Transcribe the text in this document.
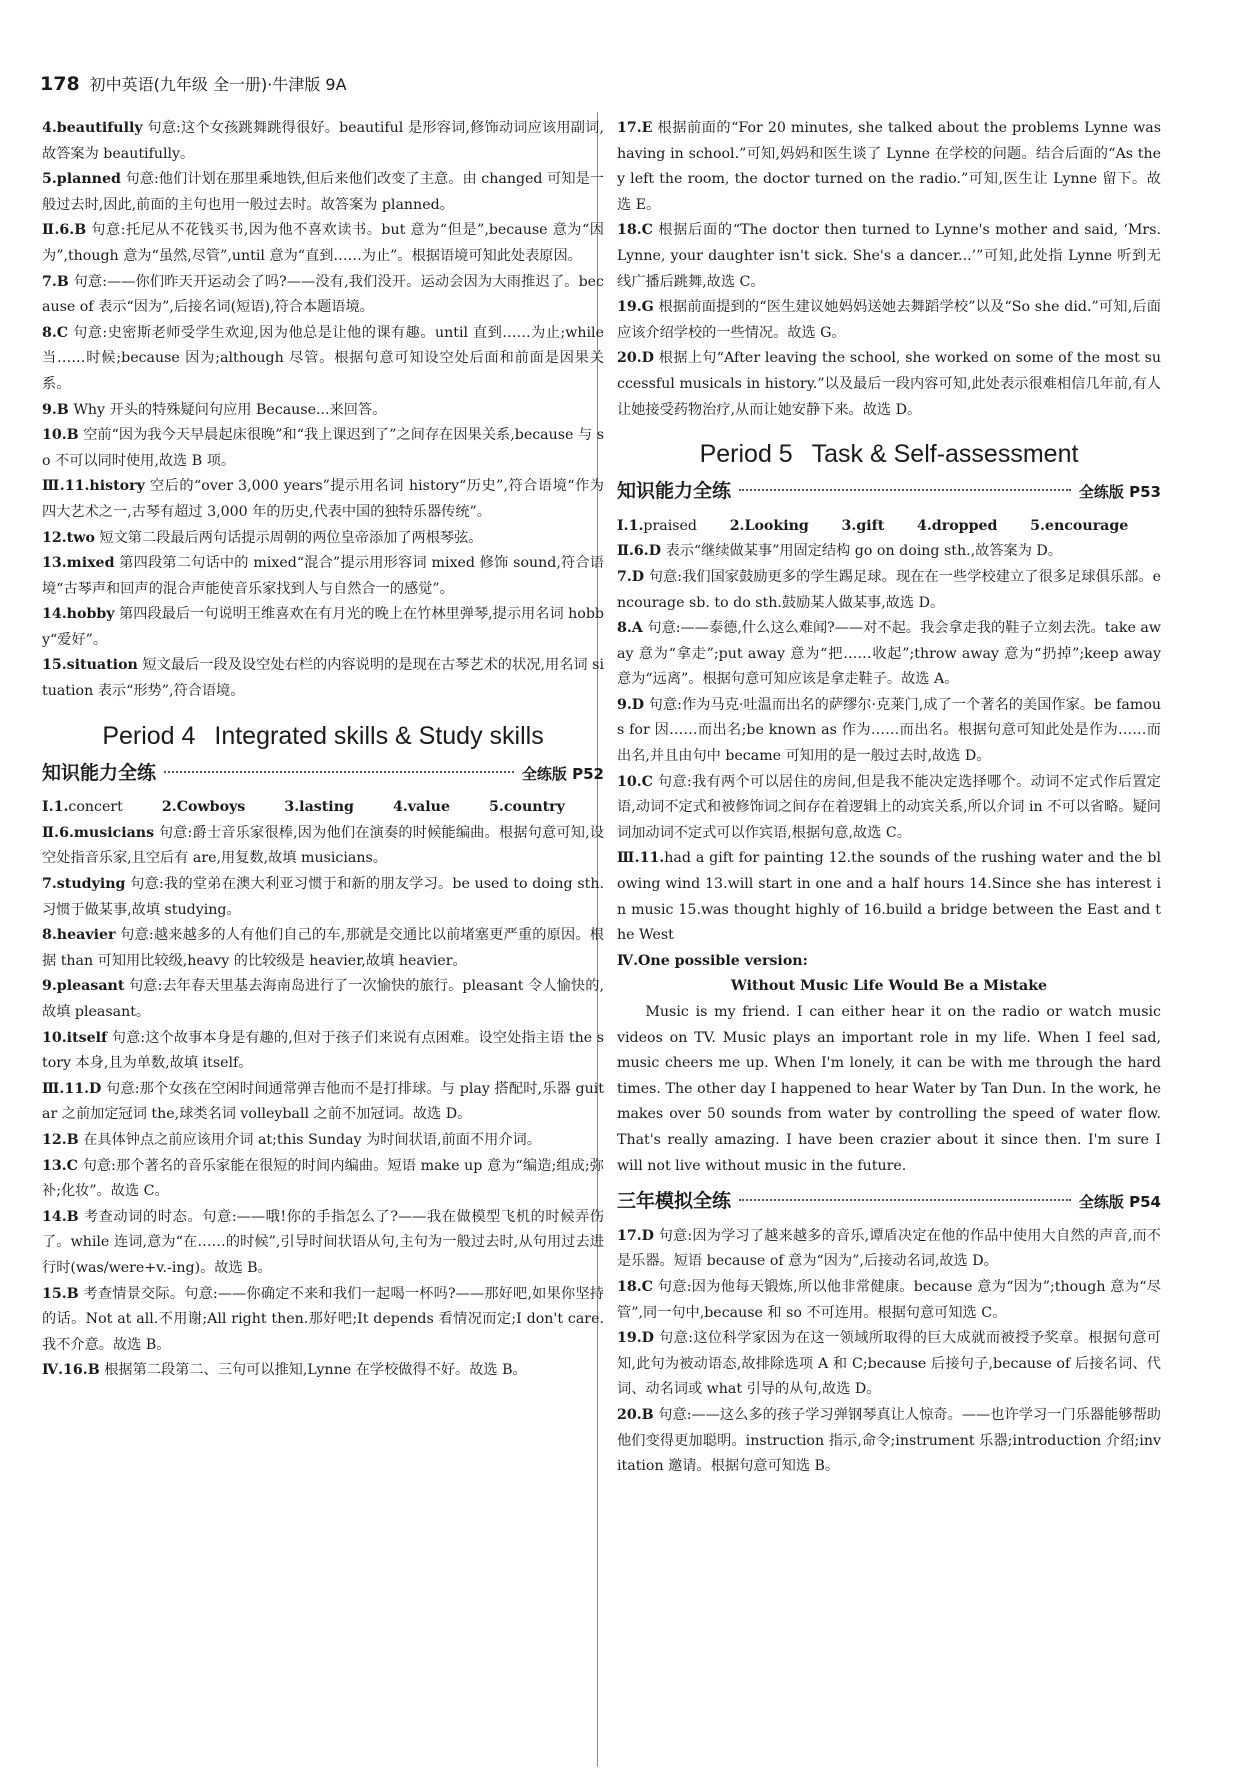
178 初中英语(九年级 全一册)·牛津版 9A
4.beautifully 句意:这个女孩跳舞跳得很好。beautiful 是形容词,修饰动词应该用副词,故答案为 beautifully。
5.planned 句意:他们计划在那里乘地铁,但后来他们改变了主意。由 changed 可知是一般过去时,因此,前面的主句也用一般过去时。故答案为 planned。
Ⅱ.6.B 句意:托尼从不花钱买书,因为他不喜欢读书。but 意为“但是”,because 意为“因为”,though 意为“虽然,尽管”,until 意为“直到……为止”。根据语境可知此处表原因。
7.B 句意:——你们昨天开运动会了吗?——没有,我们没开。运动会因为大雨推迟了。because of 表示“因为”,后接名词(短语),符合本题语境。
8.C 句意:史密斯老师受学生欢迎,因为他总是让他的课有趣。until 直到……为止;while 当……时候;because 因为;although 尽管。根据句意可知设空处后面和前面是因果关系。
9.B Why 开头的特殊疑问句应用 Because...来回答。
10.B 空前“因为我今天早晨起床很晚”和“我上课迟到了”之间存在因果关系,because 与 so 不可以同时使用,故选 B 项。
Ⅲ.11.history 空后的“over 3,000 years”提示用名词 history“历史”,符合语境“作为四大艺术之一,古琴有超过 3,000 年的历史,代表中国的独特乐器传统”。
12.two 短文第二段最后两句话提示周朝的两位皇帝添加了两根琴弦。
13.mixed 第四段第二句话中的 mixed“混合”提示用形容词 mixed 修饰 sound,符合语境“古琴声和回声的混合声能使音乐家找到人与自然合一的感觉”。
14.hobby 第四段最后一句说明王维喜欢在有月光的晚上在竹林里弹琴,提示用名词 hobby“爱好”。
15.situation 短文最后一段及设空处右栏的内容说明的是现在古琴艺术的状况,用名词 situation 表示“形势”,符合语境。
Period 4 Integrated skills & Study skills
知识能力全练	全练版 P52
Ⅰ.1.concert	2.Cowboys	3.lasting	4.value	5.country
Ⅱ.6.musicians 句意:爵士音乐家很棒,因为他们在演奏的时候能编曲。根据句意可知,设空处指音乐家,且空后有 are,用复数,故填 musicians。
7.studying 句意:我的堂弟在澳大利亚习惯于和新的朋友学习。be used to doing sth.习惯于做某事,故填 studying。
8.heavier 句意:越来越多的人有他们自己的车,那就是交通比以前堵塞更严重的原因。根据 than 可知用比较级,heavy 的比较级是 heavier,故填 heavier。
9.pleasant 句意:去年春天里基去海南岛进行了一次愉快的旅行。pleasant 令人愉快的,故填 pleasant。
10.itself 句意:这个故事本身是有趣的,但对于孩子们来说有点困难。设空处指主语 the story 本身,且为单数,故填 itself。
Ⅲ.11.D 句意:那个女孩在空闲时间通常弹吉他而不是打排球。与 play 搭配时,乐器 guitar 之前加定冠词 the,球类名词 volleyball 之前不加冠词。故选 D。
12.B 在具体钟点之前应该用介词 at;this Sunday 为时间状语,前面不用介词。
13.C 句意:那个著名的音乐家能在很短的时间内编曲。短语 make up 意为“编造;组成;弥补;化妆”。故选 C。
14.B 考查动词的时态。句意:——哦!你的手指怎么了?——我在做模型飞机的时候弄伤了。while 连词,意为“在……的时候”,引导时间状语从句,主句为一般过去时,从句用过去进行时(was/were+v.-ing)。故选 B。
15.B 考查情景交际。句意:——你确定不来和我们一起喝一杯吗?——那好吧,如果你坚持的话。Not at all.不用谢;All right then.那好吧;It depends 看情况而定;I don't care.我不介意。故选 B。
Ⅳ.16.B 根据第二段第二、三句可以推知,Lynne 在学校做得不好。故选 B。
17.E 根据前面的“For 20 minutes, she talked about the problems Lynne was having in school.”可知,妈妈和医生谈了 Lynne 在学校的问题。结合后面的“As they left the room, the doctor turned on the radio.”可知,医生让 Lynne 留下。故选 E。
18.C 根据后面的“The doctor then turned to Lynne's mother and said, ‘Mrs. Lynne, your daughter isn't sick. She's a dancer...’”可知,此处指 Lynne 听到无线广播后跳舞,故选 C。
19.G 根据前面提到的“医生建议她妈妈送她去舞蹈学校”以及“So she did.”可知,后面应该介绍学校的一些情况。故选 G。
20.D 根据上句“After leaving the school, she worked on some of the most successful musicals in history.”以及最后一段内容可知,此处表示很难相信几年前,有人让她接受药物治疗,从而让她安静下来。故选 D。
Period 5 Task & Self-assessment
知识能力全练	全练版 P53
Ⅰ.1.praised 2.Looking 3.gift 4.dropped 5.encourage
Ⅱ.6.D 表示“继续做某事”用固定结构 go on doing sth.,故答案为 D。
7.D 句意:我们国家鼓励更多的学生踢足球。现在在一些学校建立了很多足球俱乐部。encourage sb. to do sth.鼓励某人做某事,故选 D。
8.A 句意:——泰德,什么这么难闻?——对不起。我会拿走我的鞋子立刻去洗。take away 意为“拿走”;put away 意为“把……收起”;throw away 意为“扔掉”;keep away 意为“远离”。根据句意可知应该是拿走鞋子。故选 A。
9.D 句意:作为马克·吐温而出名的萨缪尔·克莱门,成了一个著名的美国作家。be famous for 因……而出名;be known as 作为……而出名。根据句意可知此处是作为……而出名,并且由句中 became 可知用的是一般过去时,故选 D。
10.C 句意:我有两个可以居住的房间,但是我不能决定选择哪个。动词不定式作后置定语,动词不定式和被修饰词之间存在着逻辑上的动宾关系,所以介词 in 不可以省略。疑问词加动词不定式可以作宾语,根据句意,故选 C。
Ⅲ.11.had a gift for painting 12.the sounds of the rushing water and the blowing wind 13.will start in one and a half hours 14.Since she has interest in music 15.was thought highly of 16.build a bridge between the East and the West
Ⅳ.One possible version:
Without Music Life Would Be a Mistake
Music is my friend. I can either hear it on the radio or watch music videos on TV. Music plays an important role in my life. When I feel sad, music cheers me up. When I'm lonely, it can be with me through the hard times. The other day I happened to hear Water by Tan Dun. In the work, he makes over 50 sounds from water by controlling the speed of water flow. That's really amazing. I have been crazier about it since then. I'm sure I will not live without music in the future.
三年模拟全练	全练版 P54
17.D 句意:因为学习了越来越多的音乐,谭盾决定在他的作品中使用大自然的声音,而不是乐器。短语 because of 意为“因为”,后接动名词,故选 D。
18.C 句意:因为他每天锻炼,所以他非常健康。because 意为“因为”;though 意为“尽管”,同一句中,because 和 so 不可连用。根据句意可知选 C。
19.D 句意:这位科学家因为在这一领域所取得的巨大成就而被授予奖章。根据句意可知,此句为被动语态,故排除选项 A 和 C;because 后接句子,because of 后接名词、代词、动名词或 what 引导的从句,故选 D。
20.B 句意:——这么多的孩子学习弹钢琴真让人惊奇。——也许学习一门乐器能够帮助他们变得更加聪明。instruction 指示,命令;instrument 乐器;introduction 介绍;invitation 邀请。根据句意可知选 B。
